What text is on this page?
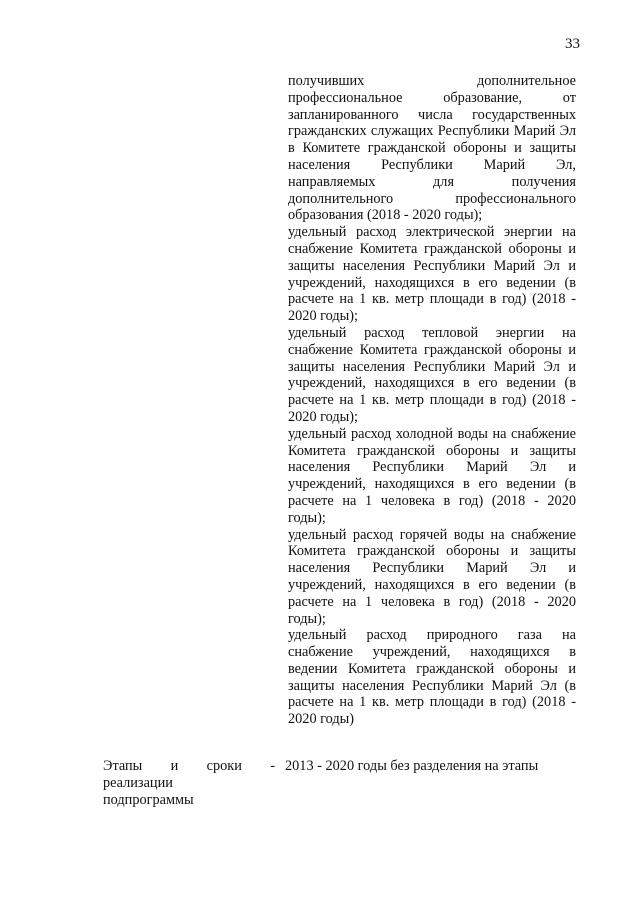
33

получивших дополнительное профессиональное образование, от запланированного числа государственных гражданских служащих Республики Марий Эл в Комитете гражданской обороны и защиты населения Республики Марий Эл, направляемых для получения дополнительного профессионального образования (2018 - 2020 годы);

удельный расход электрической энергии на снабжение Комитета гражданской обороны и защиты населения Республики Марий Эл и учреждений, находящихся в его ведении (в расчете на 1 кв. метр площади в год) (2018 - 2020 годы);

удельный расход тепловой энергии на снабжение Комитета гражданской обороны и защиты населения Республики Марий Эл и учреждений, находящихся в его ведении (в расчете на 1 кв. метр площади в год) (2018 - 2020 годы);

удельный расход холодной воды на снабжение Комитета гражданской обороны и защиты населения Республики Марий Эл и учреждений, находящихся в его ведении (в расчете на 1 человека в год) (2018 - 2020 годы);

удельный расход горячей воды на снабжение Комитета гражданской обороны и защиты населения Республики Марий Эл и учреждений, находящихся в его ведении (в расчете на 1 человека в год) (2018 - 2020 годы);

удельный расход природного газа на снабжение учреждений, находящихся в ведении Комитета гражданской обороны и защиты населения Республики Марий Эл (в расчете на 1 кв. метр площади в год) (2018 - 2020 годы)

Этапы и сроки -
реализации
подпрограммы
2013 - 2020 годы без разделения на этапы
